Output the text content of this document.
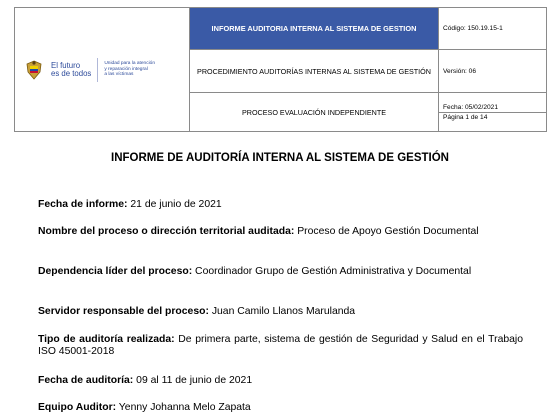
El futuro
es de todos
Unidad para la atención
y reparación integral
a las víctimas	INFORME AUDITORIA INTERNA AL SISTEMA DE GESTION	Código: 150.19.15-1
	PROCEDIMIENTO AUDITORÍAS INTERNAS AL SISTEMA DE GESTIÓN	Versión: 06
	PROCESO EVALUACIÓN INDEPENDIENTE	Fecha: 05/02/2021
Página 1 de 14
INFORME DE AUDITORÍA INTERNA AL SISTEMA DE GESTIÓN
Fecha de informe: 21 de junio de 2021
Nombre del proceso o dirección territorial auditada: Proceso de Apoyo Gestión Documental
Dependencia líder del proceso: Coordinador Grupo de Gestión Administrativa y Documental
Servidor responsable del proceso: Juan Camilo Llanos Marulanda
Tipo de auditoría realizada: De primera parte, sistema de gestión de Seguridad y Salud en el Trabajo ISO 45001-2018
Fecha de auditoría: 09 al 11 de junio de 2021
Equipo Auditor: Yenny Johanna Melo Zapata
